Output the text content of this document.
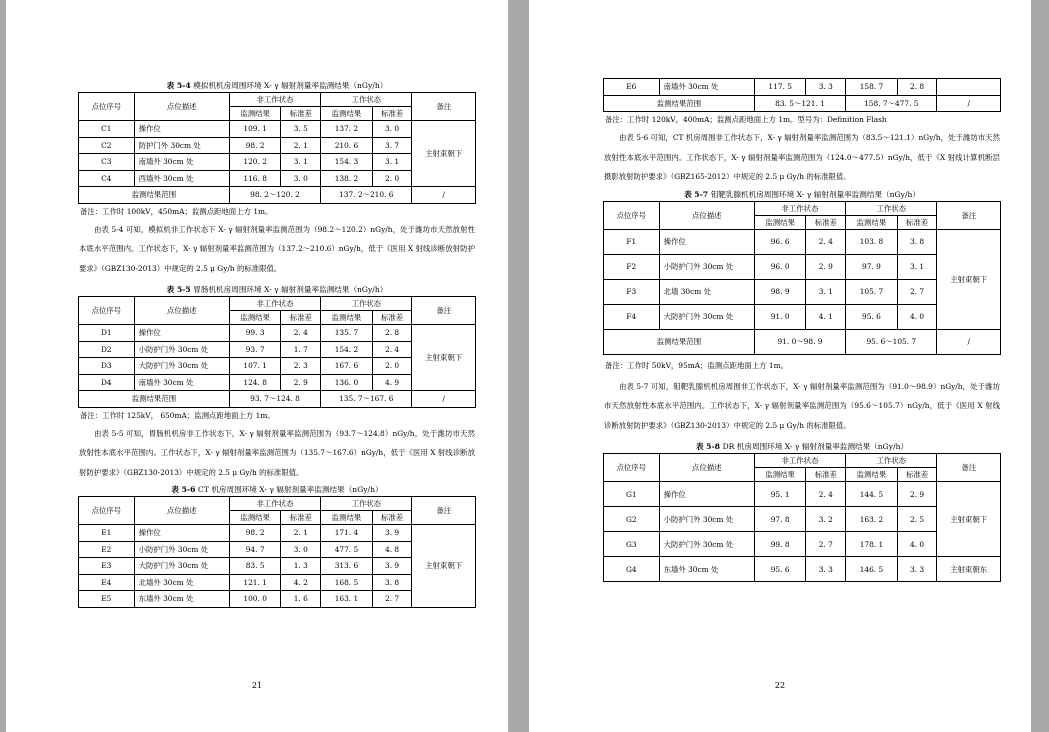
表 5-4 模拟机机房周围环境 X- γ 辐射剂量率监测结果（nGy/h）
点位序号	点位描述	非工作状态		工作状态		备注
		监测结果	标准差	监测结果	标准差	
C1	操作位	109. 1	3. 5	137. 2	3. 0	主射束朝下
C2	防护门外 30cm 处	98. 2	2. 1	210. 6	3. 7	
C3	南墙外 30cm 处	120. 2	3. 1	154. 3	3. 1	
C4	西墙外 30cm 处	116. 8	3. 0	138. 2	2. 0	
监测结果范围		98. 2～120. 2		137. 2～210. 6		/
备注：工作时 100kV，450mA；监测点距地面上方 1m。

由表 5-4 可知，模拟机非工作状态下 X- γ 辐射剂量率监测范围为（98.2～120.2）nGy/h，处于潍坊市天然放射性本底水平范围内。工作状态下，X- γ 辐射剂量率监测范围为（137.2～210.6）nGy/h，低于《医用 X 射线诊断放射防护要求》（GBZ130-2013）中规定的 2.5 μ Gy/h 的标准限值。

表 5-5 胃肠机机房周围环境 X- γ 辐射剂量率监测结果（nGy/h）
点位序号	点位描述	非工作状态		工作状态		备注
		监测结果	标准差	监测结果	标准差	
D1	操作位	99. 3	2. 4	135. 7	2. 8	主射束朝下
D2	小防护门外 30cm 处	93. 7	1. 7	154. 2	2. 4	
D3	大防护门外 30cm 处	107. 1	2. 3	167. 6	2. 0	
D4	南墙外 30cm 处	124. 8	2. 9	136. 0	4. 9	
监测结果范围		93. 7～124. 8		135. 7～167. 6		/
备注：工作时 125kV， 650mA；监测点距地面上方 1m。

由表 5-5 可知，胃肠机机房非工作状态下，X- γ 辐射剂量率监测范围为（93.7～124.8）nGy/h，处于潍坊市天然放射性本底水平范围内。工作状态下，X- γ 辐射剂量率监测范围为（135.7～167.6）nGy/h，低于《医用 X 射线诊断放射防护要求》（GBZ130-2013）中规定的 2.5 μ Gy/h 的标准限值。

表 5-6 CT 机房周围环境 X- γ 辐射剂量率监测结果（nGy/h）
点位序号	点位描述	非工作状态		工作状态		备注
		监测结果	标准差	监测结果	标准差	
E1	操作位	98. 2	2. 1	171. 4	3. 9	主射束朝下
E2	小防护门外 30cm 处	94. 7	3. 0	477. 5	4. 8	
E3	大防护门外 30cm 处	83. 5	1. 3	313. 6	3. 9	
E4	北墙外 30cm 处	121. 1	4. 2	168. 5	3. 8	
E5	东墙外 30cm 处	100. 0	1. 6	163. 1	2. 7	
21
E6	南墙外 30cm 处	117. 5	3. 3	158. 7	2. 8	
监测结果范围		83. 5～121. 1		158. 7～477. 5		/
备注：工作时 120kV，400mA；监测点距地面上方 1m。型号为：Definition Flash

由表 5-6 可知，CT 机房周围非工作状态下，X- γ 辐射剂量率监测范围为（83.5～121.1）nGy/h，处于潍坊市天然放射性本底水平范围内。工作状态下，X- γ 辐射剂量率监测范围为（124.0～477.5）nGy/h，低于《X 射线计算机断层摄影放射防护要求》（GBZ165-2012）中规定的 2.5 μ Gy/h 的标准限值。

表 5-7 钼靶乳腺机机房周围环境 X- γ 辐射剂量率监测结果（nGy/h）
点位序号	点位描述	非工作状态		工作状态		备注
		监测结果	标准差	监测结果	标准差	
F1	操作位	96. 6	2. 4	103. 8	3. 8	主射束朝下
F2	小防护门外 30cm 处	96. 0	2. 9	97. 9	3. 1	
F3	北墙 30cm 处	98. 9	3. 1	105. 7	2. 7	
F4	大防护门外 30cm 处	91. 0	4. 1	95. 6	4. 0	
监测结果范围		91. 0～98. 9		95. 6～105. 7		/
备注：工作时 50kV，95mA；监测点距地面上方 1m。

由表 5-7 可知，钼靶乳腺机机房周围非工作状态下，X- γ 辐射剂量率监测范围为（91.0～98.9）nGy/h，处于潍坊市天然放射性本底水平范围内。工作状态下，X- γ 辐射剂量率监测范围为（95.6～105.7）nGy/h，低于《医用 X 射线诊断放射防护要求》（GBZ130-2013）中规定的 2.5 μ Gy/h 的标准限值。

表 5-8 DR 机房周围环境 X- γ 辐射剂量率监测结果（nGy/h）
点位序号	点位描述	非工作状态		工作状态		备注
		监测结果	标准差	监测结果	标准差	
G1	操作位	95. 1	2. 4	144. 5	2. 9	主射束朝下
G2	小防护门外 30cm 处	97. 8	3. 2	163. 2	2. 5	
G3	大防护门外 30cm 处	99. 8	2. 7	178. 1	4. 0	
G4	东墙外 30cm 处	95. 6	3. 3	146. 5	3. 3	主射束朝东
22
